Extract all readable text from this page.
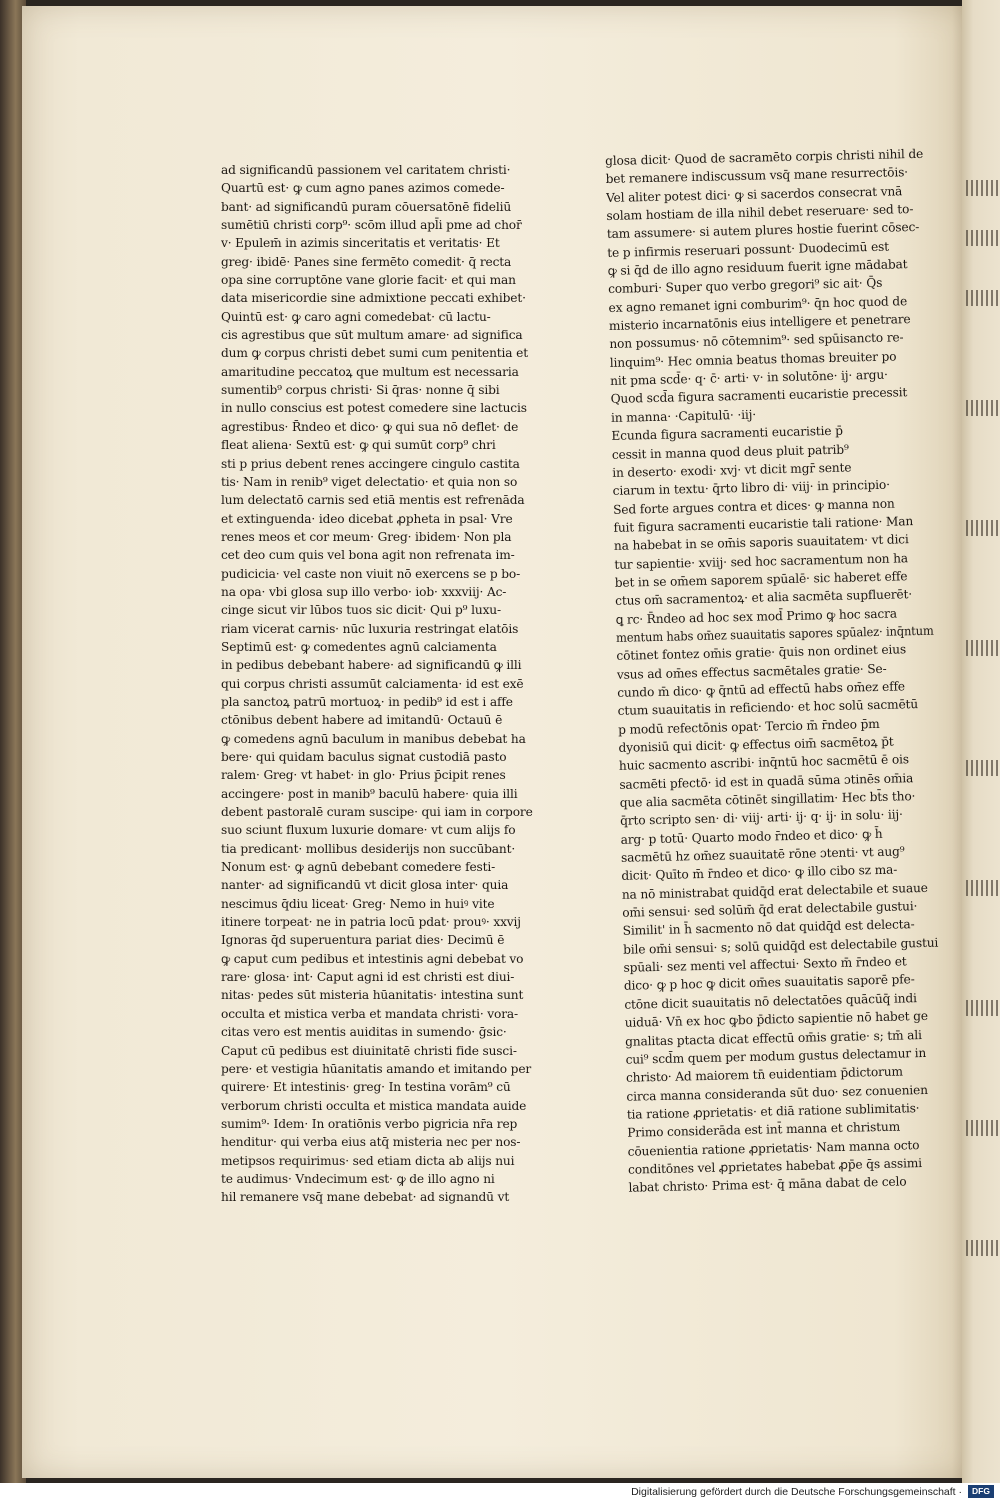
ad significandū passionem vel caritatem christi·
Quartū est· ꝙ cum agno panes azimos comede-
bant· ad significandū puram cōuersatōnē fideliū
sumētiū christi corp⁹· scōm illud apl̄i pme ad chor̄
v· Epulem̄ in azimis sinceritatis et veritatis· Et
greg· ibidē· Panes sine fermēto comedit· q̄ recta
opa sine corruptōne vane glorie facit· et qui man
data misericordie sine admixtione peccati exhibet·
Quintū est· ꝙ caro agni comedebat· cū lactu-
cis agrestibus que sūt multum amare· ad significa
dum ꝙ corpus christi debet sumi cum penitentia et
amaritudine peccatoꝝ que multum est necessaria
sumentib⁹ corpus christi· Si q̄ras· nonne q̄ sibi
in nullo conscius est potest comedere sine lactucis
agrestibus· R̄ndeo et dico· ꝙ qui sua nō deflet· de
fleat aliena· Sextū est· ꝙ qui sumūt corp⁹ chri
sti p prius debent renes accingere cingulo castita
tis· Nam in renib⁹ viget delectatio· et quia non so
lum delectatō carnis sed etiā mentis est refrenāda
et extinguenda· ideo dicebat ꝓpheta in psal· Vre
renes meos et cor meum· Greg· ibidem· Non pla
cet deo cum quis vel bona agit non refrenata im-
pudicicia· vel caste non viuit nō exercens se p bo-
na opa· vbi glosa sup illo verbo· iob· xxxviij· Ac-
cinge sicut vir lūbos tuos sic dicit· Qui p⁹ luxu-
riam vicerat carnis· nūc luxuria restringat elatōis
Septimū est· ꝙ comedentes agnū calciamenta
in pedibus debebant habere· ad significandū ꝙ illi
qui corpus christi assumūt calciamenta· id est exē
pla sanctoꝝ patrū mortuoꝝ· in pedib⁹ id est i affe
ctōnibus debent habere ad imitandū· Octauū ē
ꝙ comedens agnū baculum in manibus debebat ha
bere· qui quidam baculus signat custodiā pasto
ralem· Greg· vt habet· in glo· Prius p̄cipit renes
accingere· post in manib⁹ baculū habere· quia illi
debent pastoralē curam suscipe· qui iam in corpore
suo sciunt fluxum luxurie domare· vt cum alijs fo
tia predicant· mollibus desiderijs non succūbant·
Nonum est· ꝙ agnū debebant comedere festi-
nanter· ad significandū vt dicit glosa inter· quia
nescimus q̄diu liceat· Greg· Nemo in huiꝰ vite
itinere torpeat· ne in patria locū pdat· prouꝰ· xxvij
Ignoras q̄d superuentura pariat dies· Decimū ē
ꝙ caput cum pedibus et intestinis agni debebat vo
rare· glosa· int· Caput agni id est christi est diui-
nitas· pedes sūt misteria hūanitatis· intestina sunt
occulta et mistica verba et mandata christi· vora-
citas vero est mentis auiditas in sumendo· ḡsic·
Caput cū pedibus est diuinitatē christi fide susci-
pere· et vestigia hūanitatis amando et imitando per
quirere· Et intestinis· greg· In testina vorām⁹ cū
verborum christi occulta et mistica mandata auide
sumim⁹· Idem· In oratiōnis verbo pigricia nr̄a rep
henditur· qui verba eius atq̄ misteria nec per nos-
metipsos requirimus· sed etiam dicta ab alijs nui
te audimus· Vndecimum est· ꝙ de illo agno ni
hil remanere vsq̄ mane debebat· ad signandū vt
glosa dicit· Quod de sacramēto corpis christi nihil de
bet remanere indiscussum vsq̄ mane resurrectōis·
Vel aliter potest dici· ꝙ si sacerdos consecrat vnā
solam hostiam de illa nihil debet reseruare· sed to-
tam assumere· si autem plures hostie fuerint cōsec-
te p infirmis reseruari possunt· Duodecimū est
ꝙ si q̄d de illo agno residuum fuerit igne mādabat
comburi· Super quo verbo gregori⁹ sic ait· Q̄s
ex agno remanet igni comburim⁹· q̄n hoc quod de
misterio incarnatōnis eius intelligere et penetrare
non possumus· nō cōtemnim⁹· sed spūisancto re-
linquim⁹· Hec omnia beatus thomas breuiter po
nit pma scd̄e· q· c̄· arti· v· in solutōne· ij· argu·
Quod scd̄a figura sacramenti eucaristie precessit
in manna· ·Capitulū· ·iij·
Ecunda figura sacramenti eucaristie p̄
cessit in manna quod deus pluit patrib⁹
in deserto· exodi· xvj· vt dicit mgr̄ sente
ciarum in textu· q̄rto libro di· viij· in principio·
Sed forte argues contra et dices· ꝙ manna non
fuit figura sacramenti eucaristie tali ratione· Man
na habebat in se om̄is saporis suauitatem· vt dici
tur sapientie· xviij· sed hoc sacramentum non ha
bet in se om̄em saporem spūalē· sic haberet effe
ctus om̄ sacramentoꝝ· et alia sacmēta supfluerēt·
ꝗ rc· R̄ndeo ad hoc sex mod̄ Primo ꝙ hoc sacra
mentum habs om̄ez suauitatis sapores spūalez· inq̄ntum
cōtinet fontez om̄is gratie· q̄uis non ordinet eius
vsus ad om̄es effectus sacmētales gratie· Se-
cundo m̄ dico· ꝙ q̄ntū ad effectū habs om̄ez effe
ctum suauitatis in reficiendo· et hoc solū sacmētū
p modū refectōnis opat· Tercio m̄ r̄ndeo p̄m
dyonisiū qui dicit· ꝙ effectus oim̄ sacmētoꝝ p̄t
huic sacmento ascribi· inq̄ntū hoc sacmētū ē ois
sacmēti pfectō· id est in quadā sūma ɔtinēs om̄ia
que alia sacmēta cōtinēt singillatim· Hec bt̄s tho·
q̄rto scripto sen· di· viij· arti· ij· q· ij· in solu· iij·
arg· p totū· Quarto modo r̄ndeo et dico· ꝙ h̄
sacmētū hz om̄ez suauitatē rōne ɔtenti· vt aug⁹
dicit· Quīto m̄ r̄ndeo et dico· ꝙ illo cibo sz ma-
na nō ministrabat quidq̄d erat delectabile et suaue
om̄i sensui· sed solūm̄ q̄d erat delectabile gustui·
Similit' in h̄ sacmento nō dat quidq̄d est delecta-
bile om̄i sensui· s; solū quidq̄d est delectabile gustui
spūali· sez menti vel affectui· Sexto m̄ r̄ndeo et
dico· ꝙ p hoc ꝙ dicit om̄es suauitatis saporē pfe-
ctōne dicit suauitatis nō delectatōes quācūq̄ indi
uiduā· Vn̄ ex hoc ꝙbo p̄dicto sapientie nō habet ge
gnalitas ptacta dicat effectū om̄is gratie· s; tm̄ ali
cui⁹ scd̄m quem per modum gustus delectamur in
christo· Ad maiorem tn̄ euidentiam p̄dictorum
circa manna consideranda sūt duo· sez conuenien
tia ratione ꝓprietatis· et diā ratione sublimitatis·
Primo considerāda est int̄ manna et christum
cōuenientia ratione ꝓprietatis· Nam manna octo
conditōnes vel ꝓprietates habebat ꝓp̄e q̄s assimi
labat christo· Prima est· q̄ māna dabat de celo
Digitalisierung gefördert durch die Deutsche Forschungsgemeinschaft ·	DFG
